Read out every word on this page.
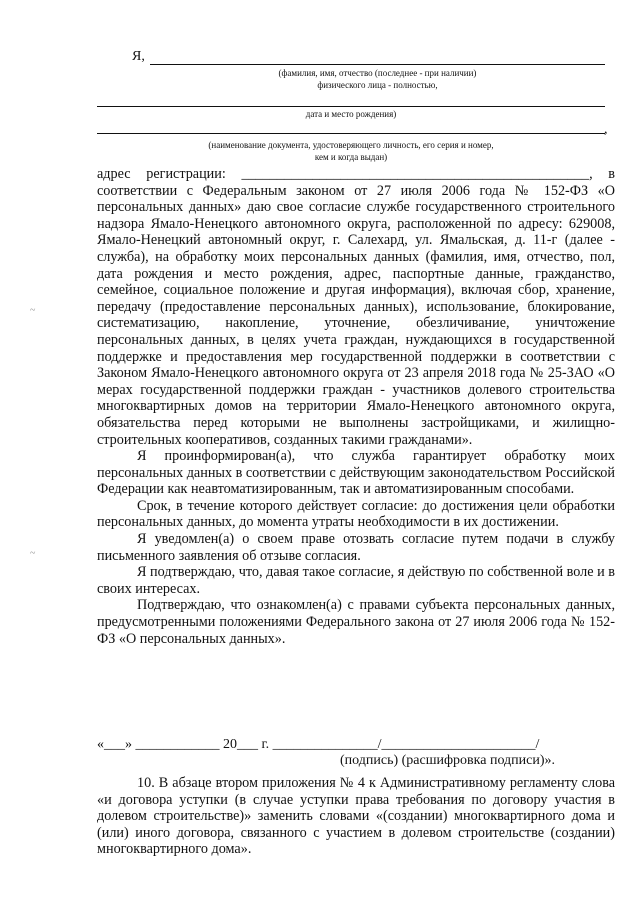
Я,
(фамилия, имя, отчество (последнее - при наличии)
физического лица - полностью,
дата и место рождения)
,
(наименование документа, удостоверяющего личность, его серия и номер,
кем и когда выдан)
~
~

адрес регистрации: _________________________________________________, в соответствии с Федеральным законом от 27 июля 2006 года № 152-ФЗ «О персональных данных» даю свое согласие службе государственного строительного надзора Ямало-Ненецкого автономного округа, расположенной по адресу: 629008, Ямало-Ненецкий автономный округ, г. Салехард, ул. Ямальская, д. 11-г (далее - служба), на обработку моих персональных данных (фамилия, имя, отчество, пол, дата рождения и место рождения, адрес, паспортные данные, гражданство, семейное, социальное положение и другая информация), включая сбор, хранение, передачу (предоставление персональных данных), использование, блокирование, систематизацию, накопление, уточнение, обезличивание, уничтожение персональных данных, в целях учета граждан, нуждающихся в государственной поддержке и предоставления мер государственной поддержки в соответствии с Законом Ямало-Ненецкого автономного округа от 23 апреля 2018 года № 25-ЗАО «О мерах государственной поддержки граждан - участников долевого строительства многоквартирных домов на территории Ямало-Ненецкого автономного округа, обязательства перед которыми не выполнены застройщиками, и жилищно-строительных кооперативов, созданных такими гражданами».

Я проинформирован(а), что служба гарантирует обработку моих персональных данных в соответствии с действующим законодательством Российской Федерации как неавтоматизированным, так и автоматизированным способами.

Срок, в течение которого действует согласие: до достижения цели обработки персональных данных, до момента утраты необходимости в их достижении.

Я уведомлен(а) о своем праве отозвать согласие путем подачи в службу письменного заявления об отзыве согласия.

Я подтверждаю, что, давая такое согласие, я действую по собственной воле и в своих интересах.

Подтверждаю, что ознакомлен(а) с правами субъекта персональных данных, предусмотренными положениями Федерального закона от 27 июля 2006 года № 152-ФЗ «О персональных данных».

«___» ____________ 20___ г. _______________/______________________/
(подпись) (расшифровка подписи)».

10. В абзаце втором приложения № 4 к Административному регламенту слова «и договора уступки (в случае уступки права требования по договору участия в долевом строительстве)» заменить словами «(создании) многоквартирного дома и (или) иного договора, связанного с участием в долевом строительстве (создании) многоквартирного дома».
